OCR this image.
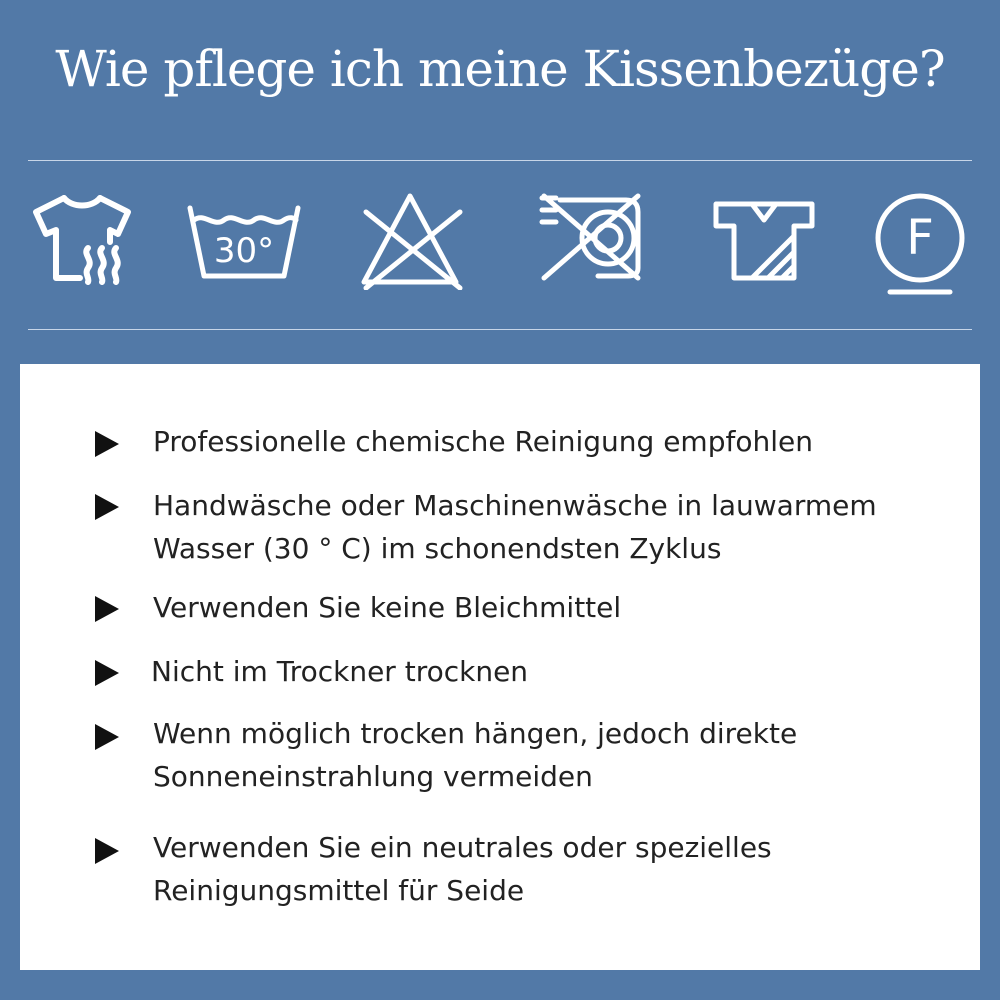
Wie pflege ich meine Kissenbezüge?
30°	F
Professionelle chemische Reinigung empfohlen
Handwäsche oder Maschinenwäsche in lauwarmem
Wasser (30 ° C) im schonendsten Zyklus
Verwenden Sie keine Bleichmittel
Nicht im Trockner trocknen
Wenn möglich trocken hängen, jedoch direkte
Sonneneinstrahlung vermeiden
Verwenden Sie ein neutrales oder spezielles
Reinigungsmittel für Seide
